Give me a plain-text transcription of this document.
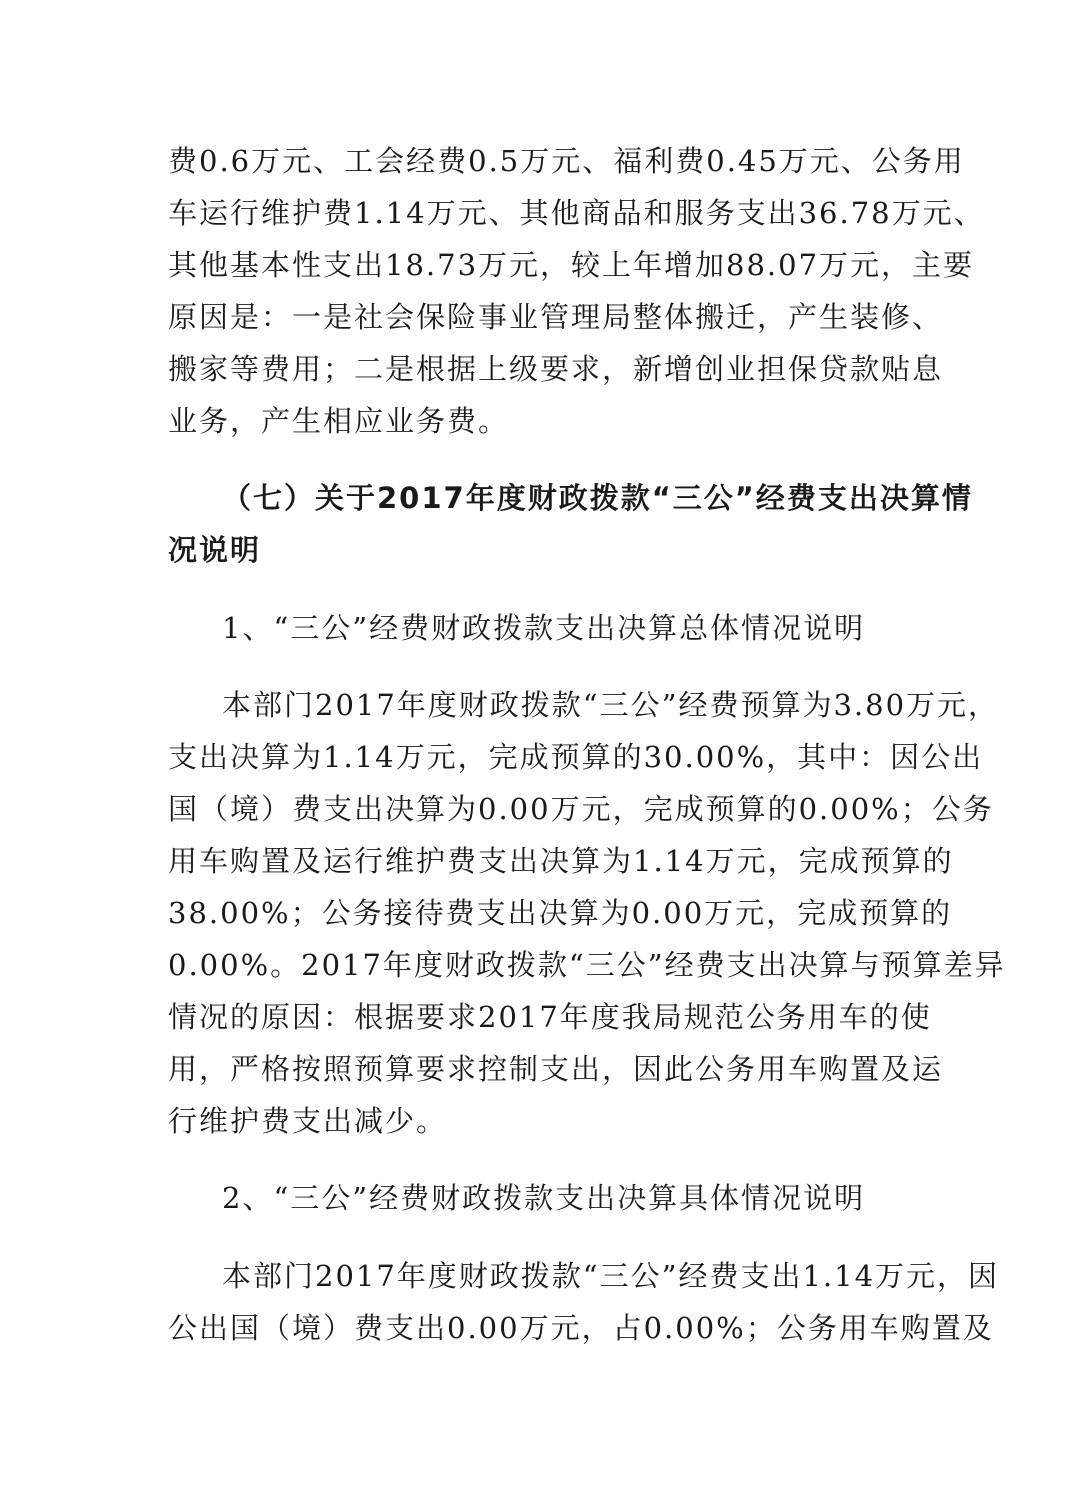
费0.6万元、工会经费0.5万元、福利费0.45万元、公务用

车运行维护费1.14万元、其他商品和服务支出36.78万元、

其他基本性支出18.73万元，较上年增加88.07万元，主要

原因是：一是社会保险事业管理局整体搬迁，产生装修、

搬家等费用；二是根据上级要求，新增创业担保贷款贴息

业务，产生相应业务费。

（七）关于2017年度财政拨款“三公”经费支出决算情

况说明

1、“三公”经费财政拨款支出决算总体情况说明

本部门2017年度财政拨款“三公”经费预算为3.80万元，

支出决算为1.14万元，完成预算的30.00%，其中：因公出

国（境）费支出决算为0.00万元，完成预算的0.00%；公务

用车购置及运行维护费支出决算为1.14万元，完成预算的

38.00%；公务接待费支出决算为0.00万元，完成预算的

0.00%。2017年度财政拨款“三公”经费支出决算与预算差异

情况的原因：根据要求2017年度我局规范公务用车的使

用，严格按照预算要求控制支出，因此公务用车购置及运

行维护费支出减少。

2、“三公”经费财政拨款支出决算具体情况说明

本部门2017年度财政拨款“三公”经费支出1.14万元，因

公出国（境）费支出0.00万元，占0.00%；公务用车购置及
